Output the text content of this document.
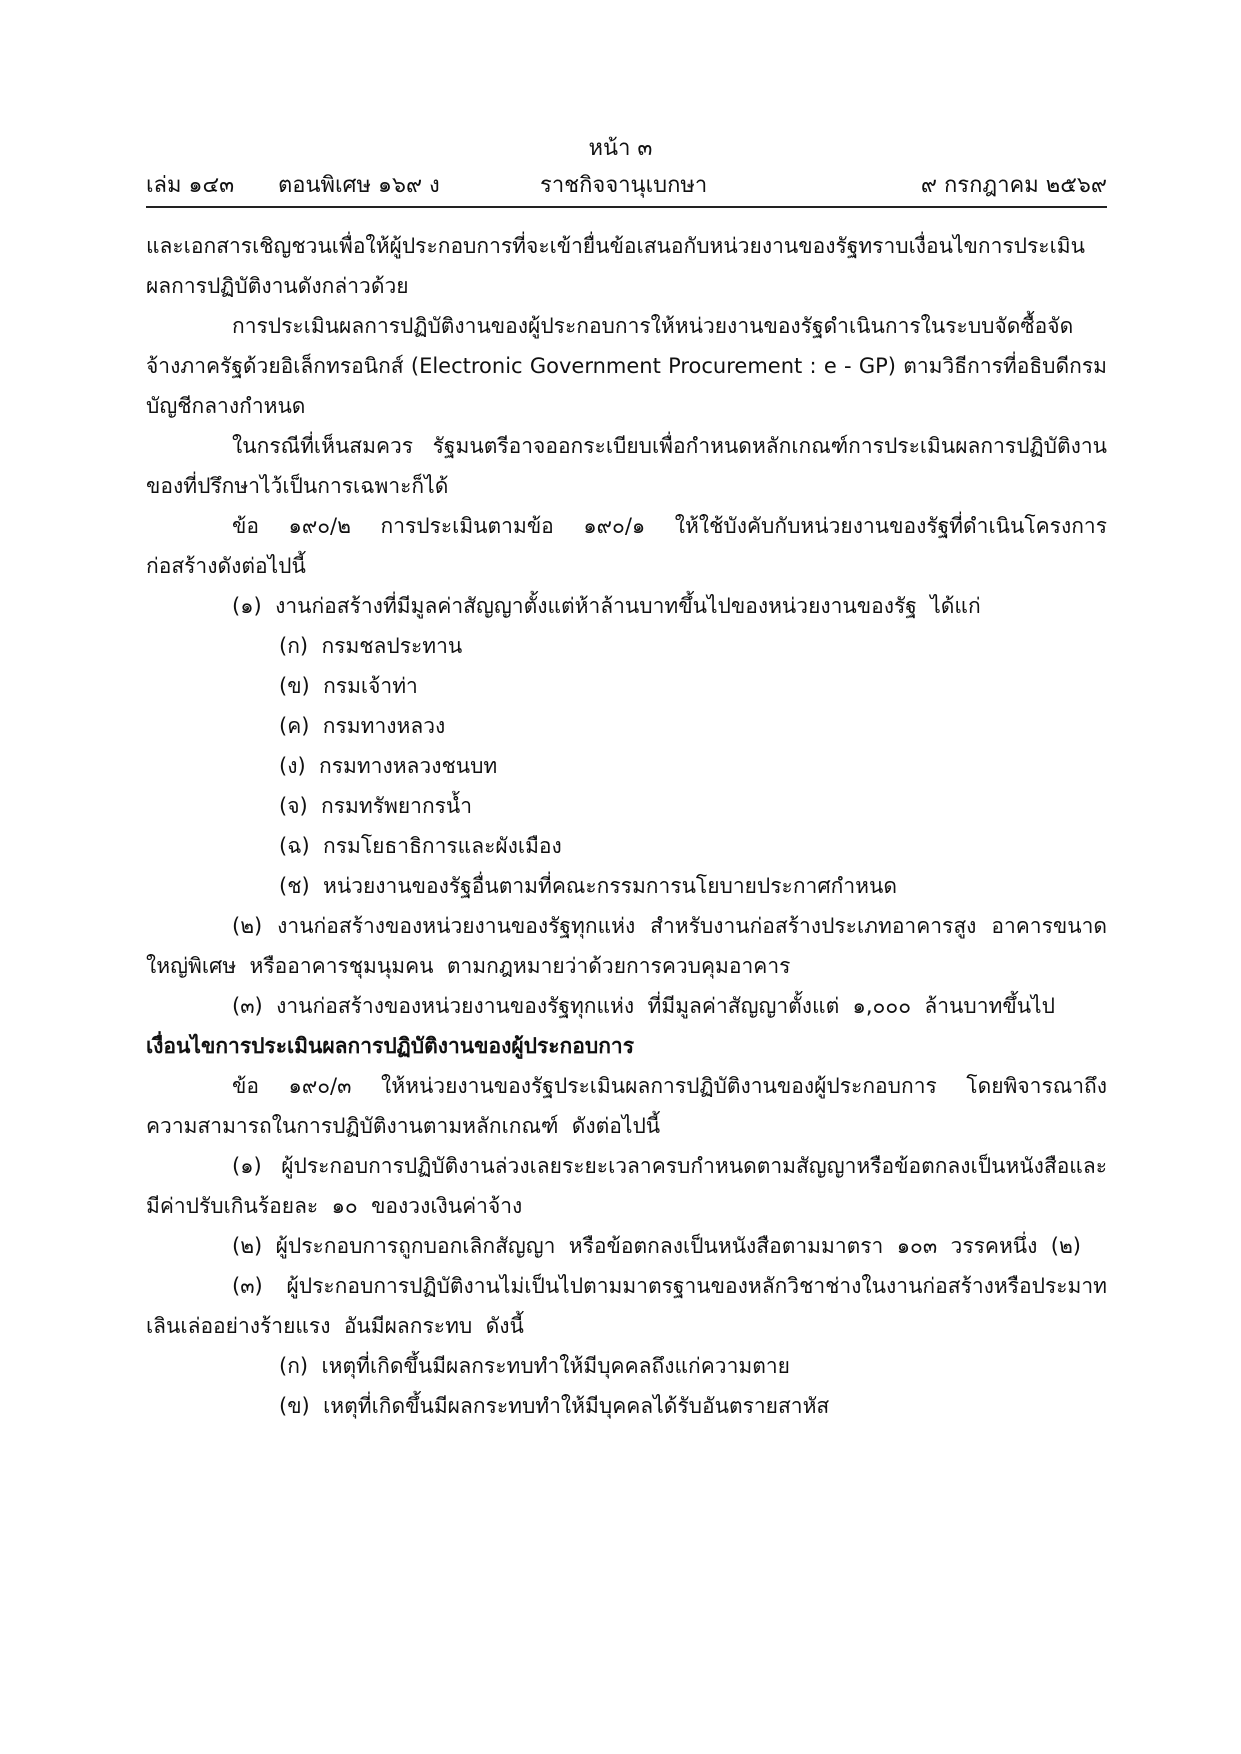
หน้า ๓
เล่ม ๑๔๓ ตอนพิเศษ ๑๖๙ ง	ราชกิจจานุเบกษา	๙ กรกฎาคม ๒๕๖๙

และเอกสารเชิญชวนเพื่อให้ผู้ประกอบการที่จะเข้ายื่นข้อเสนอกับหน่วยงานของรัฐทราบเงื่อนไขการประเมินผลการปฏิบัติงานดังกล่าวด้วย

การประเมินผลการปฏิบัติงานของผู้ประกอบการให้หน่วยงานของรัฐดำเนินการในระบบจัดซื้อจัดจ้างภาครัฐด้วยอิเล็กทรอนิกส์ (Electronic Government Procurement : e - GP) ตามวิธีการที่อธิบดีกรมบัญชีกลางกำหนด

ในกรณีที่เห็นสมควร  รัฐมนตรีอาจออกระเบียบเพื่อกำหนดหลักเกณฑ์การประเมินผลการปฏิบัติงานของที่ปรึกษาไว้เป็นการเฉพาะก็ได้

ข้อ  ๑๙๐/๒  การประเมินตามข้อ  ๑๙๐/๑  ให้ใช้บังคับกับหน่วยงานของรัฐที่ดำเนินโครงการก่อสร้างดังต่อไปนี้

(๑)  งานก่อสร้างที่มีมูลค่าสัญญาตั้งแต่ห้าล้านบาทขึ้นไปของหน่วยงานของรัฐ  ได้แก่

(ก)  กรมชลประทาน

(ข)  กรมเจ้าท่า

(ค)  กรมทางหลวง

(ง)  กรมทางหลวงชนบท

(จ)  กรมทรัพยากรน้ำ

(ฉ)  กรมโยธาธิการและผังเมือง

(ช)  หน่วยงานของรัฐอื่นตามที่คณะกรรมการนโยบายประกาศกำหนด

(๒)  งานก่อสร้างของหน่วยงานของรัฐทุกแห่ง  สำหรับงานก่อสร้างประเภทอาคารสูง  อาคารขนาดใหญ่พิเศษ  หรืออาคารชุมนุมคน  ตามกฎหมายว่าด้วยการควบคุมอาคาร

(๓)  งานก่อสร้างของหน่วยงานของรัฐทุกแห่ง  ที่มีมูลค่าสัญญาตั้งแต่  ๑,๐๐๐  ล้านบาทขึ้นไป

เงื่อนไขการประเมินผลการปฏิบัติงานของผู้ประกอบการ

ข้อ  ๑๙๐/๓  ให้หน่วยงานของรัฐประเมินผลการปฏิบัติงานของผู้ประกอบการ  โดยพิจารณาถึงความสามารถในการปฏิบัติงานตามหลักเกณฑ์  ดังต่อไปนี้

(๑)  ผู้ประกอบการปฏิบัติงานล่วงเลยระยะเวลาครบกำหนดตามสัญญาหรือข้อตกลงเป็นหนังสือและมีค่าปรับเกินร้อยละ  ๑๐  ของวงเงินค่าจ้าง

(๒)  ผู้ประกอบการถูกบอกเลิกสัญญา  หรือข้อตกลงเป็นหนังสือตามมาตรา  ๑๐๓  วรรคหนึ่ง  (๒)

(๓)  ผู้ประกอบการปฏิบัติงานไม่เป็นไปตามมาตรฐานของหลักวิชาช่างในงานก่อสร้างหรือประมาทเลินเล่ออย่างร้ายแรง  อันมีผลกระทบ  ดังนี้

(ก)  เหตุที่เกิดขึ้นมีผลกระทบทำให้มีบุคคลถึงแก่ความตาย

(ข)  เหตุที่เกิดขึ้นมีผลกระทบทำให้มีบุคคลได้รับอันตรายสาหัส
